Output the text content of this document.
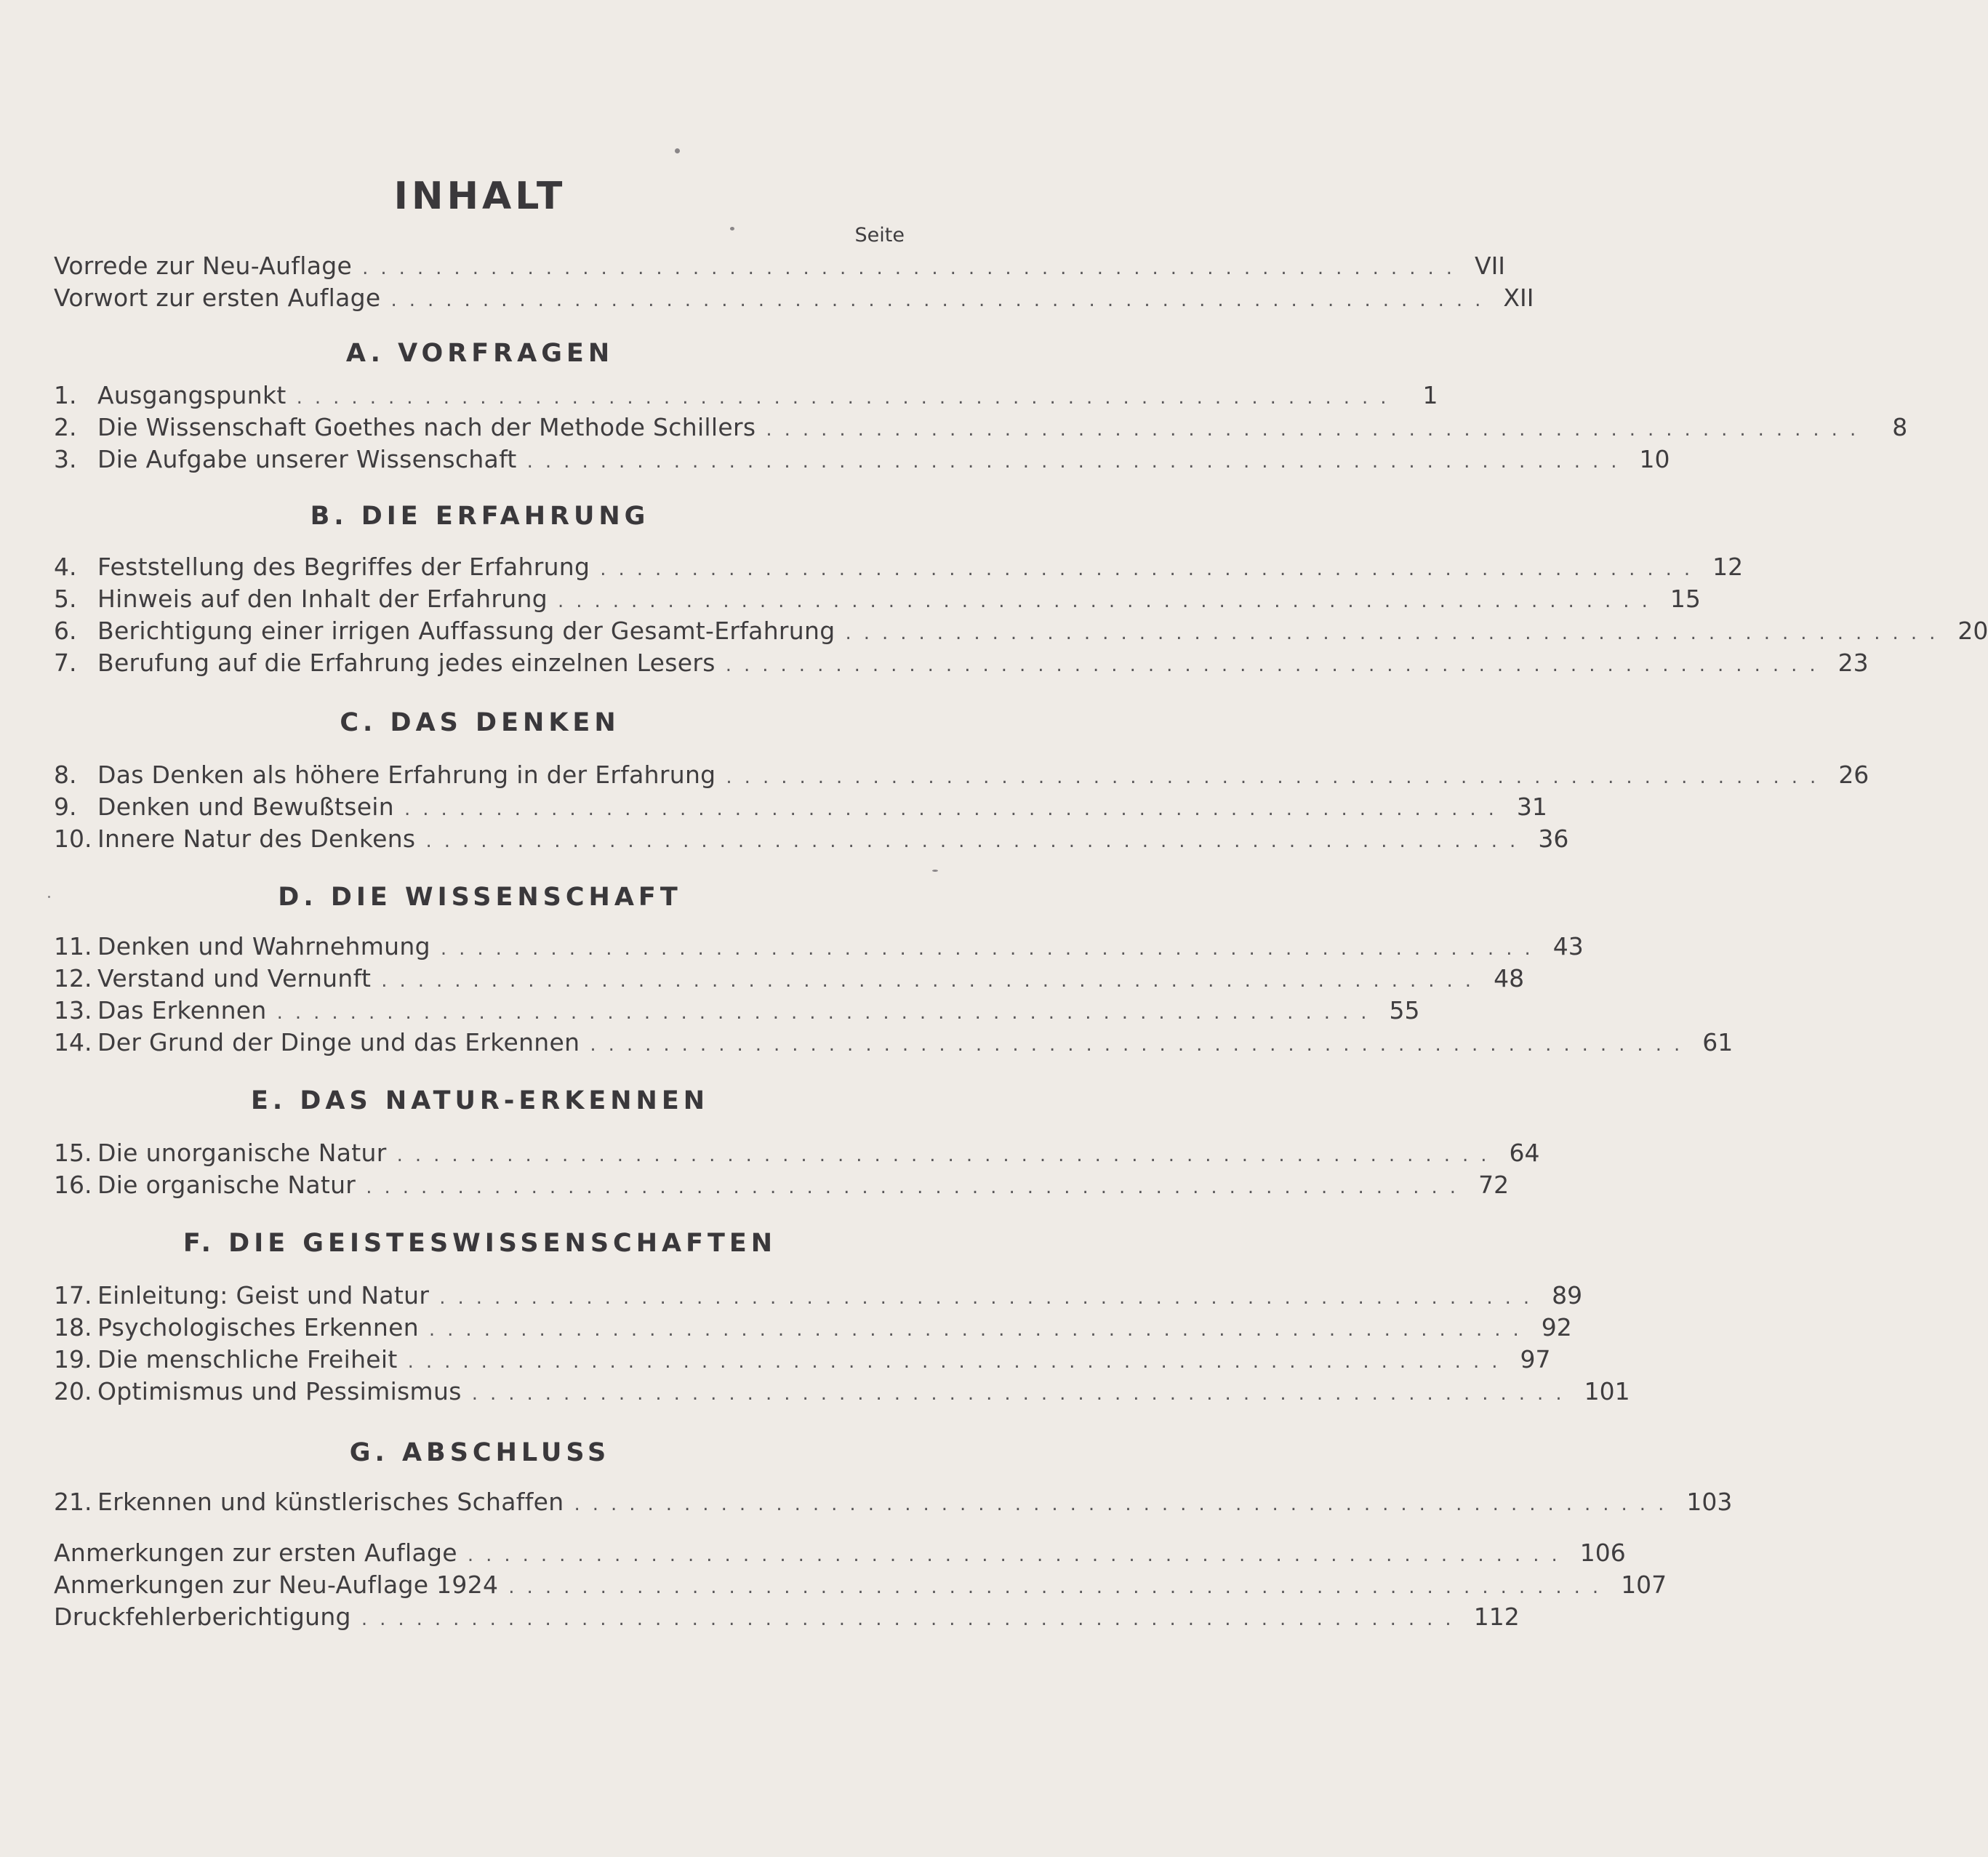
INHALT
Seite
Vorrede zur Neu-Auflage ............................................................ VII
Vorwort zur ersten Auflage ............................................................ XII
A. VORFRAGEN
1. Ausgangspunkt ............................................................	1
2. Die Wissenschaft Goethes nach der Methode Schillers ............................................................	8
3. Die Aufgabe unserer Wissenschaft ............................................................ 10
B. DIE ERFAHRUNG
4. Feststellung des Begriffes der Erfahrung ............................................................ 12
5. Hinweis auf den Inhalt der Erfahrung ............................................................ 15
6. Berichtigung einer irrigen Auffassung der Gesamt-Erfahrung ............................................................ 20
7. Berufung auf die Erfahrung jedes einzelnen Lesers ............................................................ 23
C. DAS DENKEN
8. Das Denken als höhere Erfahrung in der Erfahrung ............................................................ 26
9. Denken und Bewußtsein ............................................................ 31
10. Innere Natur des Denkens ............................................................ 36
D. DIE WISSENSCHAFT
11. Denken und Wahrnehmung ............................................................ 43
12. Verstand und Vernunft ............................................................ 48
13. Das Erkennen ............................................................ 55
14. Der Grund der Dinge und das Erkennen ............................................................ 61
E. DAS NATUR-ERKENNEN
15. Die unorganische Natur ............................................................ 64
16. Die organische Natur ............................................................ 72
F. DIE GEISTESWISSENSCHAFTEN
17. Einleitung: Geist und Natur ............................................................ 89
18. Psychologisches Erkennen ............................................................ 92
19. Die menschliche Freiheit ............................................................ 97
20. Optimismus und Pessimismus ............................................................ 101
G. ABSCHLUSS
21. Erkennen und künstlerisches Schaffen ............................................................ 103
Anmerkungen zur ersten Auflage ............................................................ 106
Anmerkungen zur Neu-Auflage 1924 ............................................................ 107
Druckfehlerberichtigung ............................................................ 112
